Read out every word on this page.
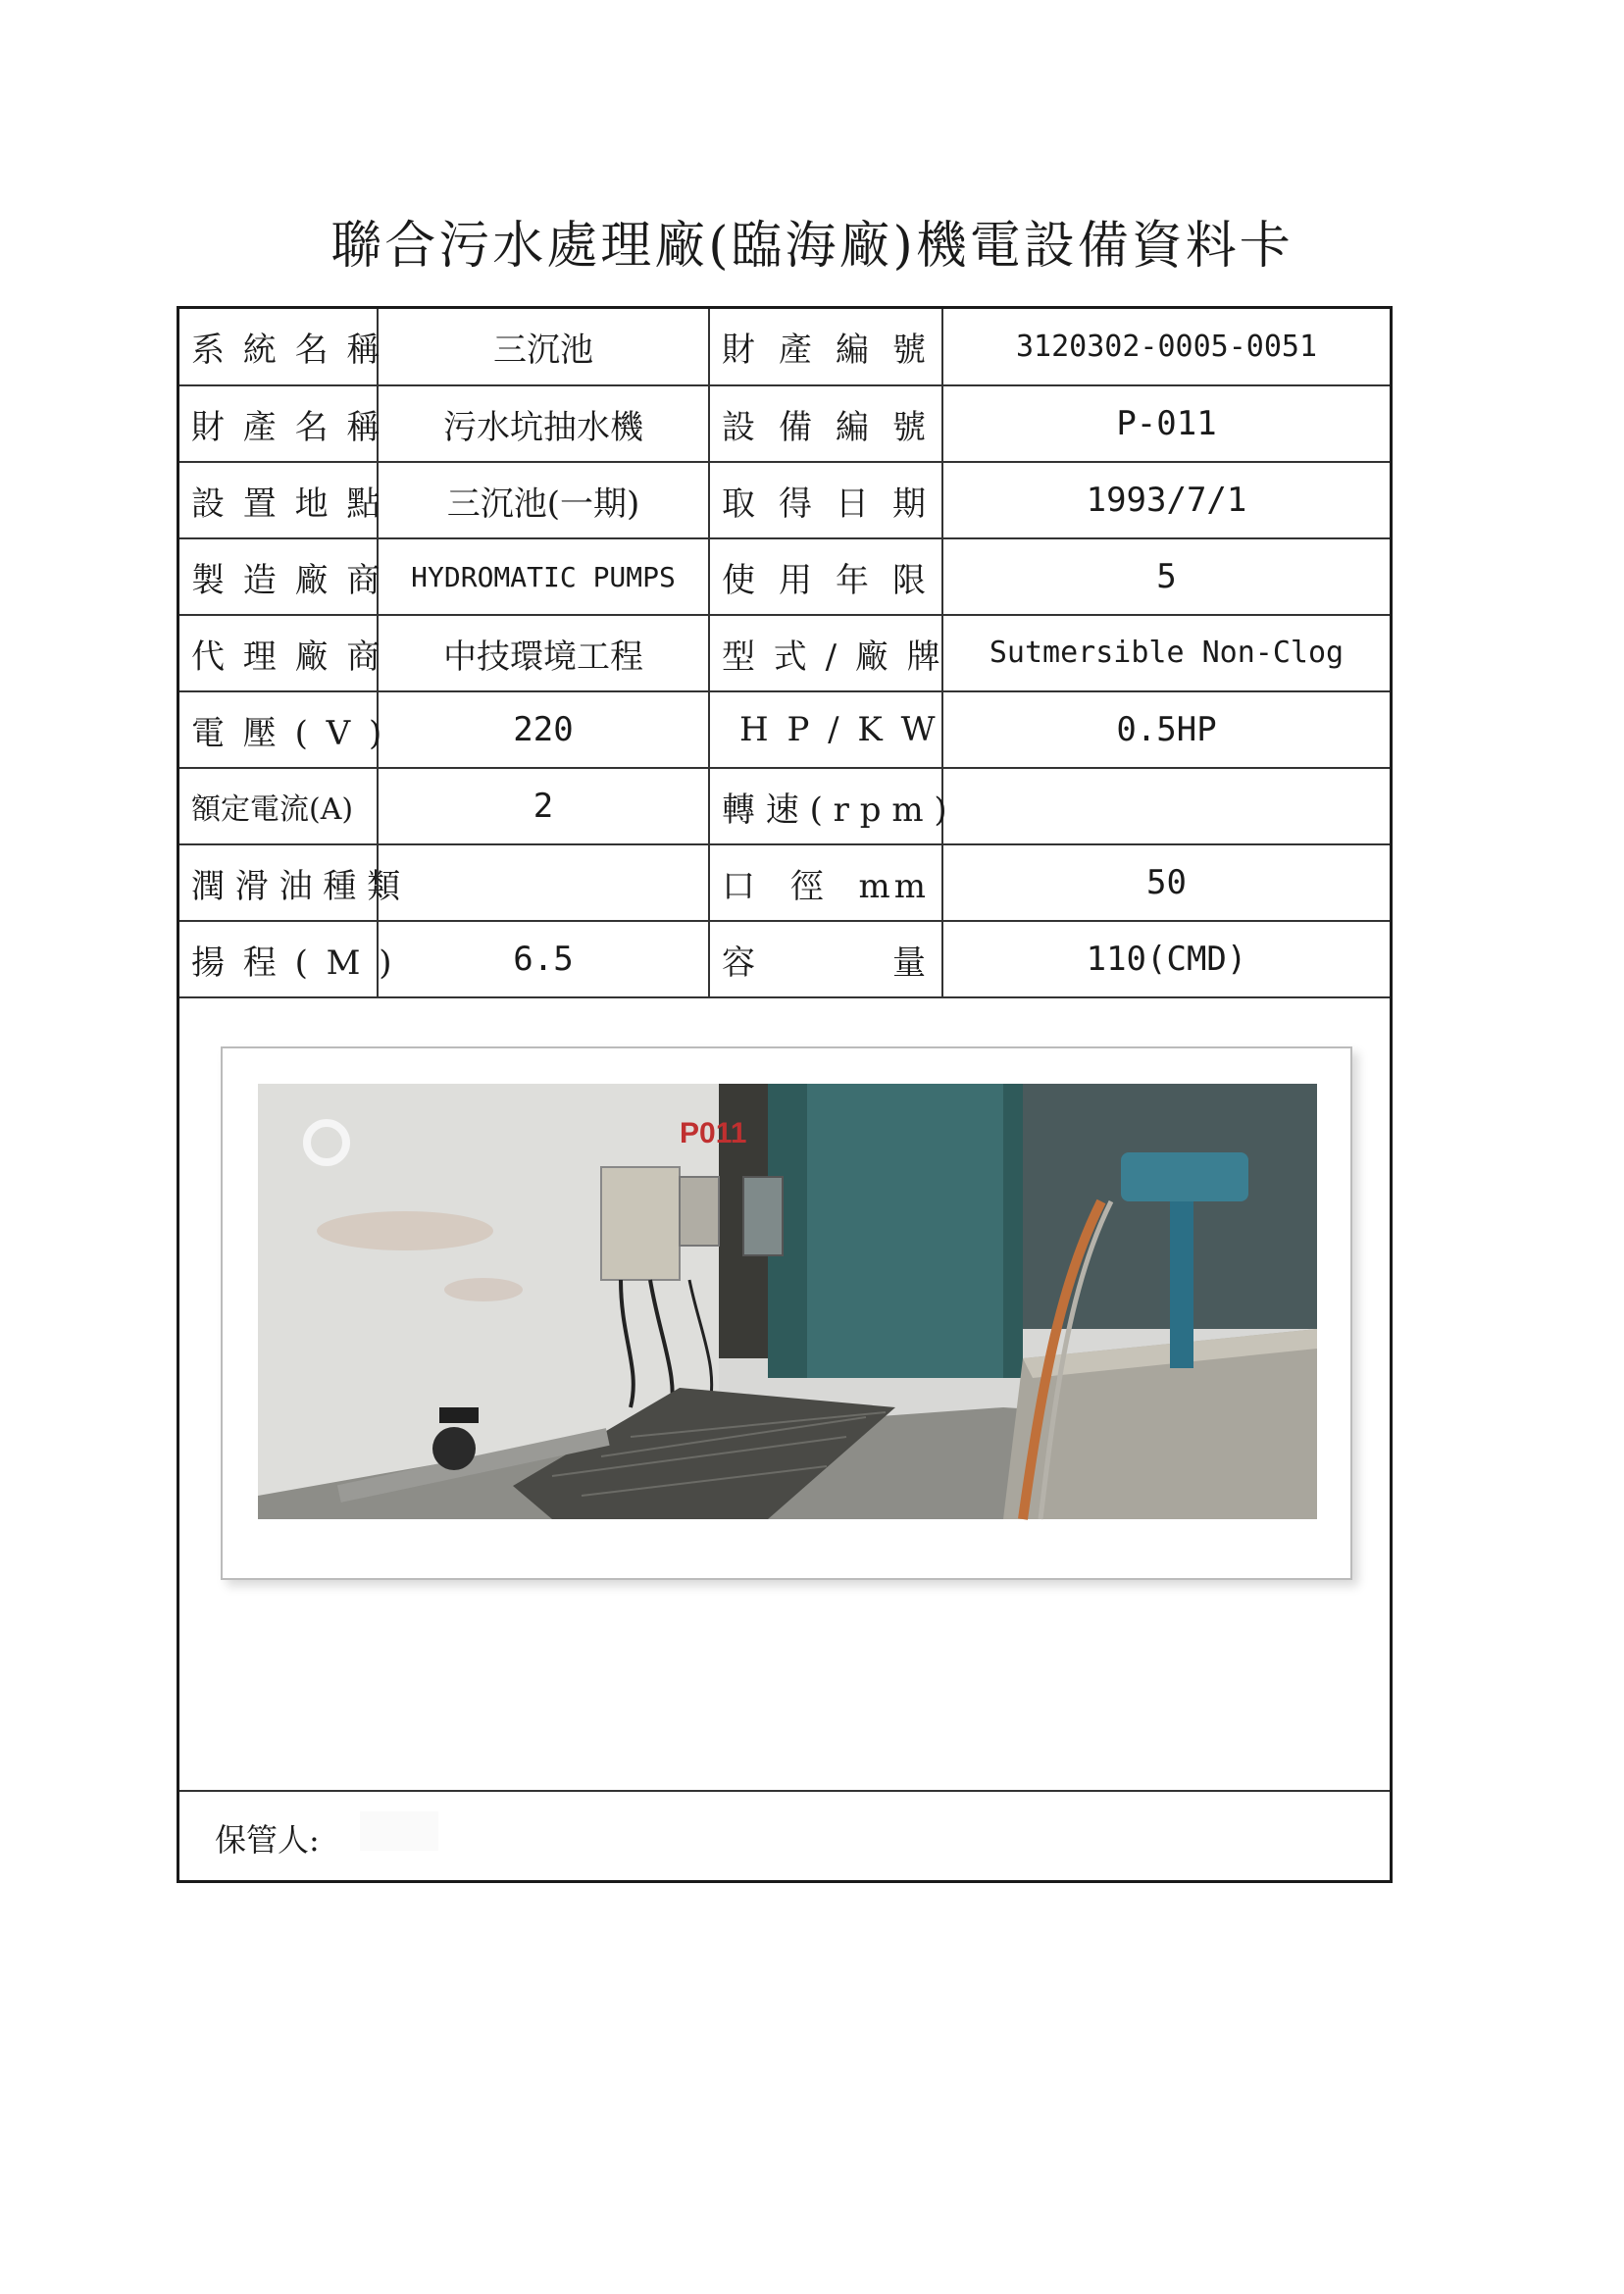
聯合污水處理廠(臨海廠)機電設備資料卡
系 統 名 稱	三沉池	財 產 編 號	3120302-0005-0051
財 產 名 稱	污水坑抽水機	設 備 編 號	P-011
設 置 地 點	三沉池(一期)	取 得 日 期	1993/7/1
製 造 廠 商	HYDROMATIC PUMPS	使 用 年 限	5
代 理 廠 商	中技環境工程	型 式 / 廠 牌	Sutmersible Non-Clog
電 壓 ( V )	220	H P / K W	0.5HP
額定電流(A)	2	轉 速 ( r p m )	
潤 滑 油 種 類		口 徑 mm	50
揚 程 ( M )	6.5	容 量	110(CMD)
P011
保管人:
